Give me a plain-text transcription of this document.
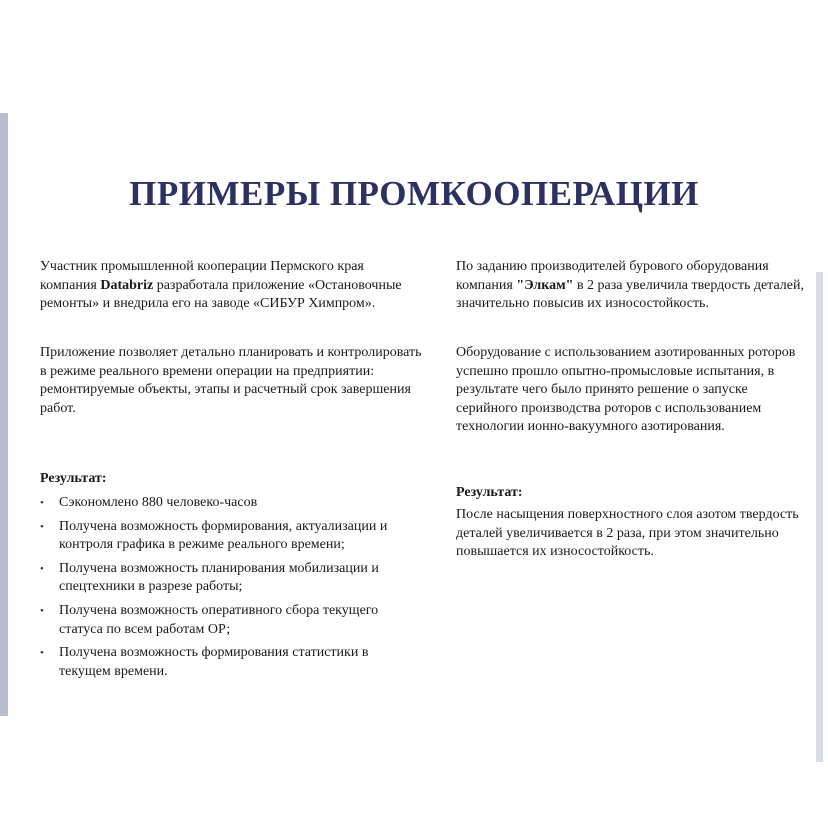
ПРИМЕРЫ ПРОМКООПЕРАЦИИ

Участник промышленной кооперации Пермского края компания Databriz разработала приложение «Остановочные ремонты» и внедрила его на заводе «СИБУР Химпром».

Приложение позволяет детально планировать и контролировать в режиме реального времени операции на предприятии: ремонтируемые объекты, этапы и расчетный срок завершения работ.

Результат:

• Сэкономлено 880 человеко-часов
• Получена возможность формирования, актуализации и контроля графика в режиме реального времени;
• Получена возможность планирования мобилизации и спецтехники в разрезе работы;
• Получена возможность оперативного сбора текущего статуса по всем работам ОР;
• Получена возможность формирования статистики в текущем времени.

По заданию производителей бурового оборудования компания "Элкам" в 2 раза увеличила твердость деталей, значительно повысив их износостойкость.

Оборудование с использованием азотированных роторов успешно прошло опытно-промысловые испытания, в результате чего было принято решение о запуске серийного производства роторов с использованием технологии ионно-вакуумного азотирования.

Результат:

После насыщения поверхностного слоя азотом твердость деталей увеличивается в 2 раза, при этом значительно повышается их износостойкость.
